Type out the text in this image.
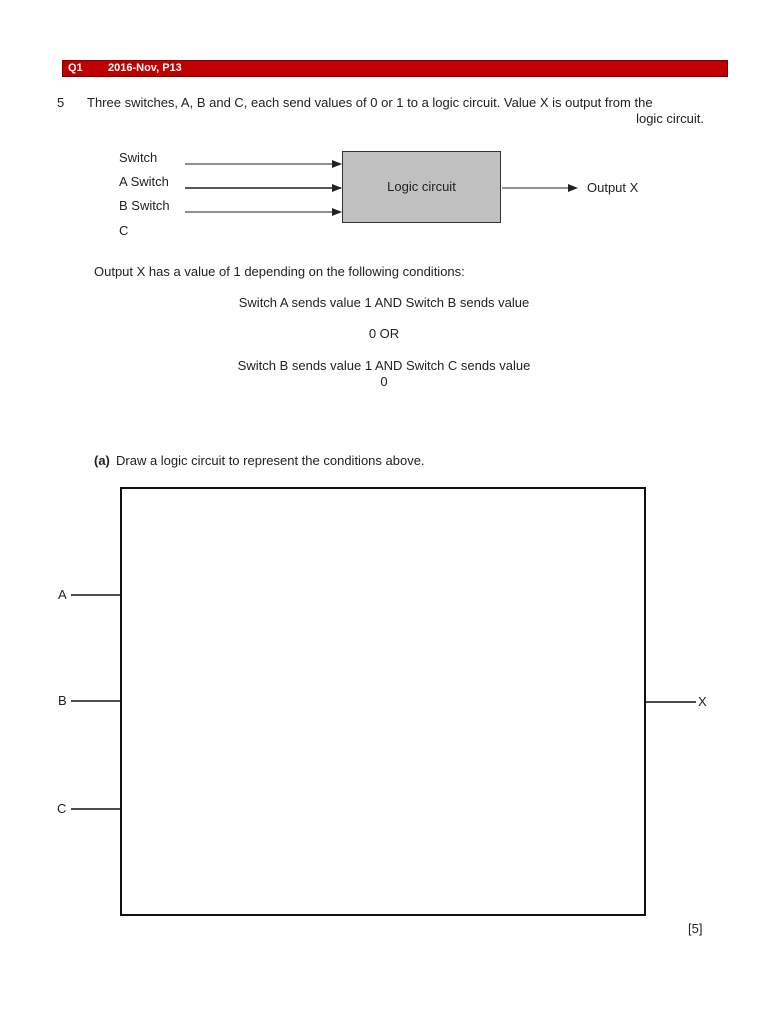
Q1 2016-Nov, P13
5 Three switches, A, B and C, each send values of 0 or 1 to a logic circuit. Value X is output from the
logic circuit.
Switch
A Switch
B Switch
C
Logic circuit	Output X
Output X has a value of 1 depending on the following conditions:
Switch A sends value 1 AND Switch B sends value
0 OR
Switch B sends value 1 AND Switch C sends value
0
(a) Draw a logic circuit to represent the conditions above.
A
B
C
X
[5]
